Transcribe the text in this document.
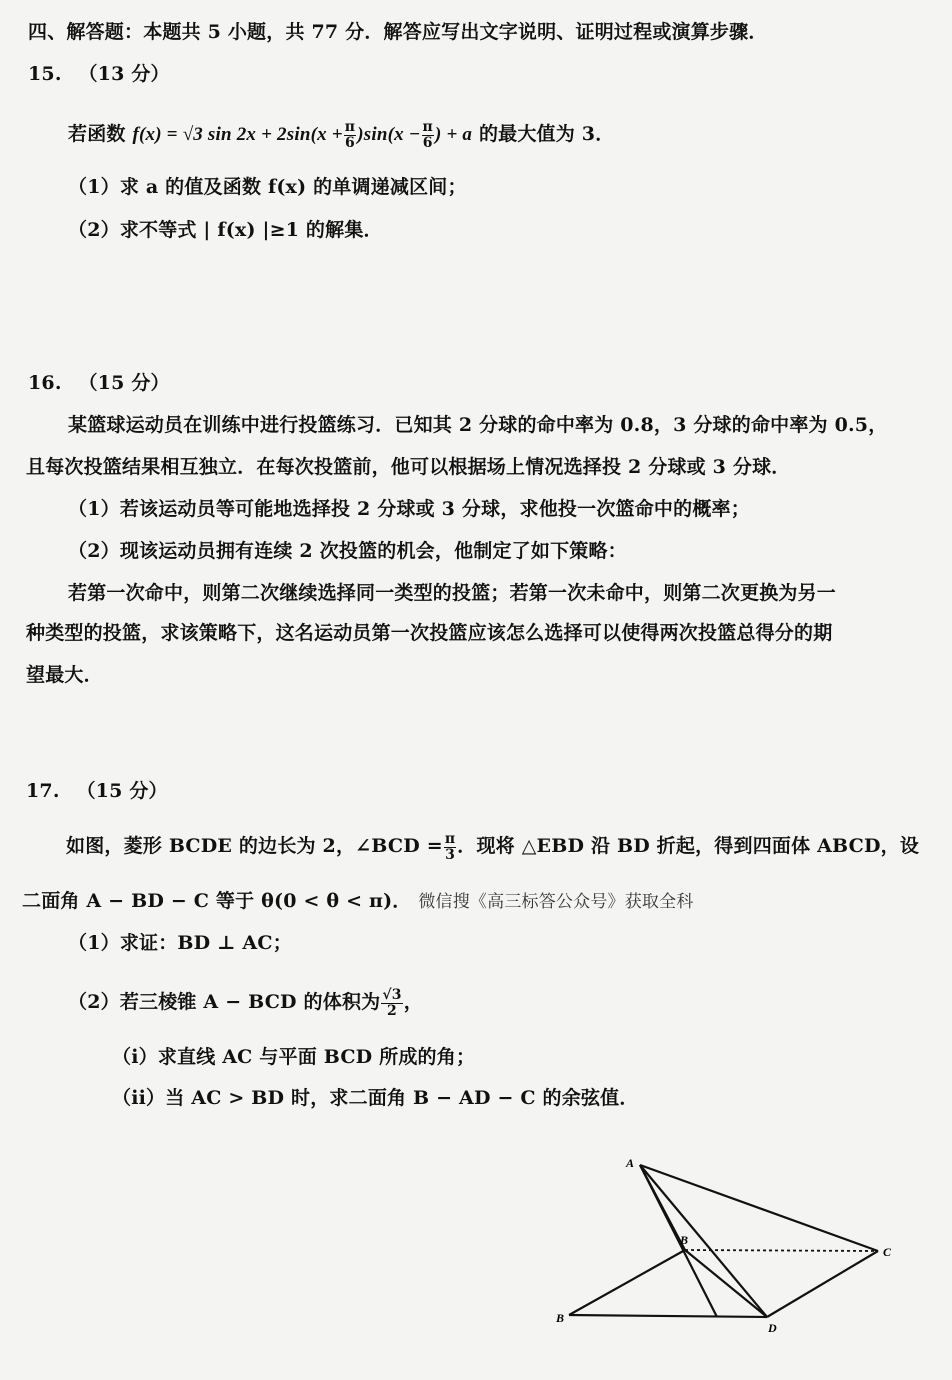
四、解答题：本题共 5 小题，共 77 分．解答应写出文字说明、证明过程或演算步骤．
15. （13 分）
若函数 f(x) = √3 $\sin 2x + 2\sin(x + \frac{\pi}{6} )\sin(x - \frac{\pi}{6}$ ) + a 的最大值为 3．
（1）求 a 的值及函数 f(x) 的单调递减区间；
（2）求不等式 | f(x) |≥1 的解集．
16. （15 分）
某篮球运动员在训练中进行投篮练习．已知其 2 分球的命中率为 0.8，3 分球的命中率为 0.5，
且每次投篮结果相互独立．在每次投篮前，他可以根据场上情况选择投 2 分球或 3 分球．
（1）若该运动员等可能地选择投 2 分球或 3 分球，求他投一次篮命中的概率；
（2）现该运动员拥有连续 2 次投篮的机会，他制定了如下策略：
若第一次命中，则第二次继续选择同一类型的投篮；若第一次未命中，则第二次更换为另一
种类型的投篮，求该策略下，这名运动员第一次投篮应该怎么选择可以使得两次投篮总得分的期
望最大．
17. （15 分）
如图，菱形 BCDE 的边长为 2，∠BCD = $\frac{\pi}{3}$ ．现将 △EBD 沿 BD 折起，得到四面体 ABCD，设
二面角 A − BD − C 等于 θ(0 < θ < π)． 微信搜《高三标答公众号》获取全科
（1）求证：BD ⊥ AC；
（2）若三棱锥 A − BCD 的体积为 $\frac{√3}{2}$ ，
（i）求直线 AC 与平面 BCD 所成的角；
（ii）当 AC > BD 时，求二面角 B − AD − C 的余弦值．
A
B
C
B
D
